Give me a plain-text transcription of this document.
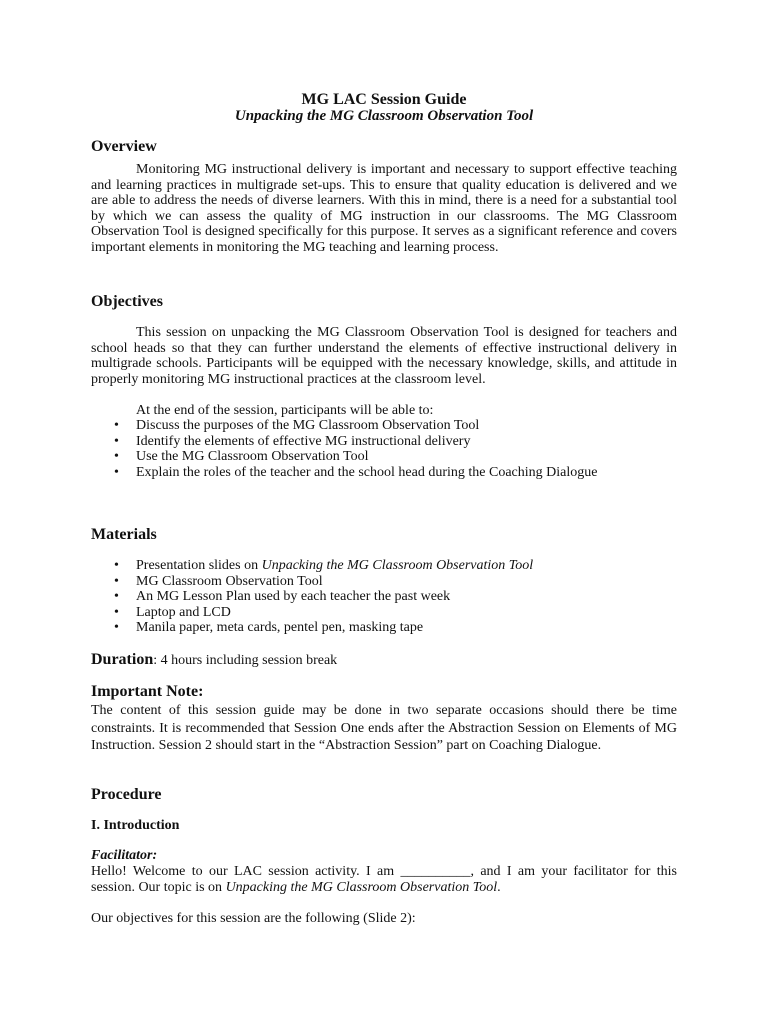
MG LAC Session Guide
Unpacking the MG Classroom Observation Tool
Overview

Monitoring MG instructional delivery is important and necessary to support effective teaching and learning practices in multigrade set-ups. This to ensure that quality education is delivered and we are able to address the needs of diverse learners. With this in mind, there is a need for a substantial tool by which we can assess the quality of MG instruction in our classrooms. The MG Classroom Observation Tool is designed specifically for this purpose. It serves as a significant reference and covers important elements in monitoring the MG teaching and learning process.

Objectives

This session on unpacking the MG Classroom Observation Tool is designed for teachers and school heads so that they can further understand the elements of effective instructional delivery in multigrade schools. Participants will be equipped with the necessary knowledge, skills, and attitude in properly monitoring MG instructional practices at the classroom level.

At the end of the session, participants will be able to:
• Discuss the purposes of the MG Classroom Observation Tool
• Identify the elements of effective MG instructional delivery
• Use the MG Classroom Observation Tool
• Explain the roles of the teacher and the school head during the Coaching Dialogue
Materials
• Presentation slides on Unpacking the MG Classroom Observation Tool
• MG Classroom Observation Tool
• An MG Lesson Plan used by each teacher the past week
• Laptop and LCD
• Manila paper, meta cards, pentel pen, masking tape
Duration: 4 hours including session break
Important Note:

The content of this session guide may be done in two separate occasions should there be time constraints. It is recommended that Session One ends after the Abstraction Session on Elements of MG Instruction. Session 2 should start in the “Abstraction Session” part on Coaching Dialogue.

Procedure
I. Introduction
Facilitator:

Hello! Welcome to our LAC session activity. I am __________, and I am your facilitator for this session. Our topic is on Unpacking the MG Classroom Observation Tool.

Our objectives for this session are the following (Slide 2):
